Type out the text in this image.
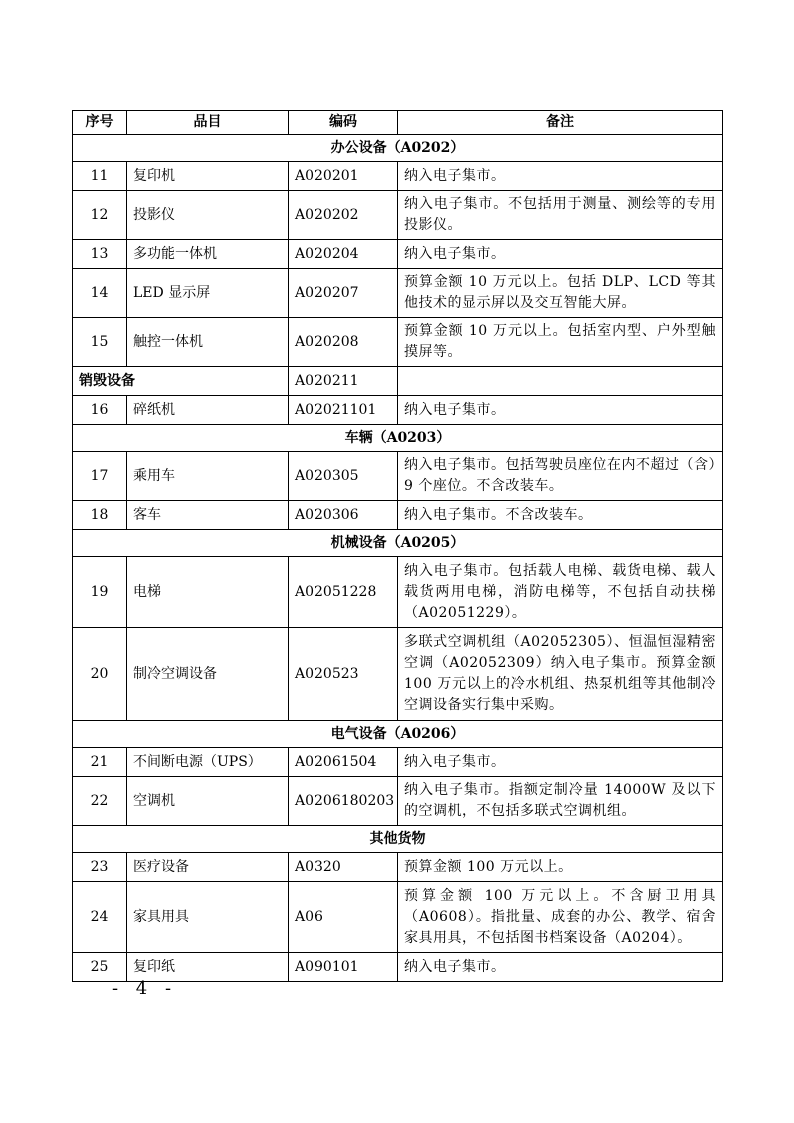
序号	品目	编码	备注
办公设备（A0202）			
11	复印机	A020201	纳入电子集市。
12	投影仪	A020202	纳入电子集市。不包括用于测量、测绘等的专用投影仪。
13	多功能一体机	A020204	纳入电子集市。
14	LED 显示屏	A020207	预算金额 10 万元以上。包括 DLP、LCD 等其他技术的显示屏以及交互智能大屏。
15	触控一体机	A020208	预算金额 10 万元以上。包括室内型、户外型触摸屏等。
销毁设备		A020211	
16	碎纸机	A02021101	纳入电子集市。
车辆（A0203）			
17	乘用车	A020305	纳入电子集市。包括驾驶员座位在内不超过（含）9 个座位。不含改装车。
18	客车	A020306	纳入电子集市。不含改装车。
机械设备（A0205）			
19	电梯	A02051228	纳入电子集市。包括载人电梯、载货电梯、载人载货两用电梯，消防电梯等，不包括自动扶梯（A02051229）。
20	制冷空调设备	A020523	多联式空调机组（A02052305）、恒温恒湿精密空调（A02052309）纳入电子集市。预算金额 100 万元以上的冷水机组、热泵机组等其他制冷空调设备实行集中采购。
电气设备（A0206）			
21	不间断电源（UPS）	A02061504	纳入电子集市。
22	空调机	A0206180203	纳入电子集市。指额定制冷量 14000W 及以下的空调机，不包括多联式空调机组。
其他货物			
23	医疗设备	A0320	预算金额 100 万元以上。
24	家具用具	A06	预算金额 100 万元以上。不含厨卫用具（A0608）。指批量、成套的办公、教学、宿舍家具用具，不包括图书档案设备（A0204）。
25	复印纸	A090101	纳入电子集市。
- 4 -
